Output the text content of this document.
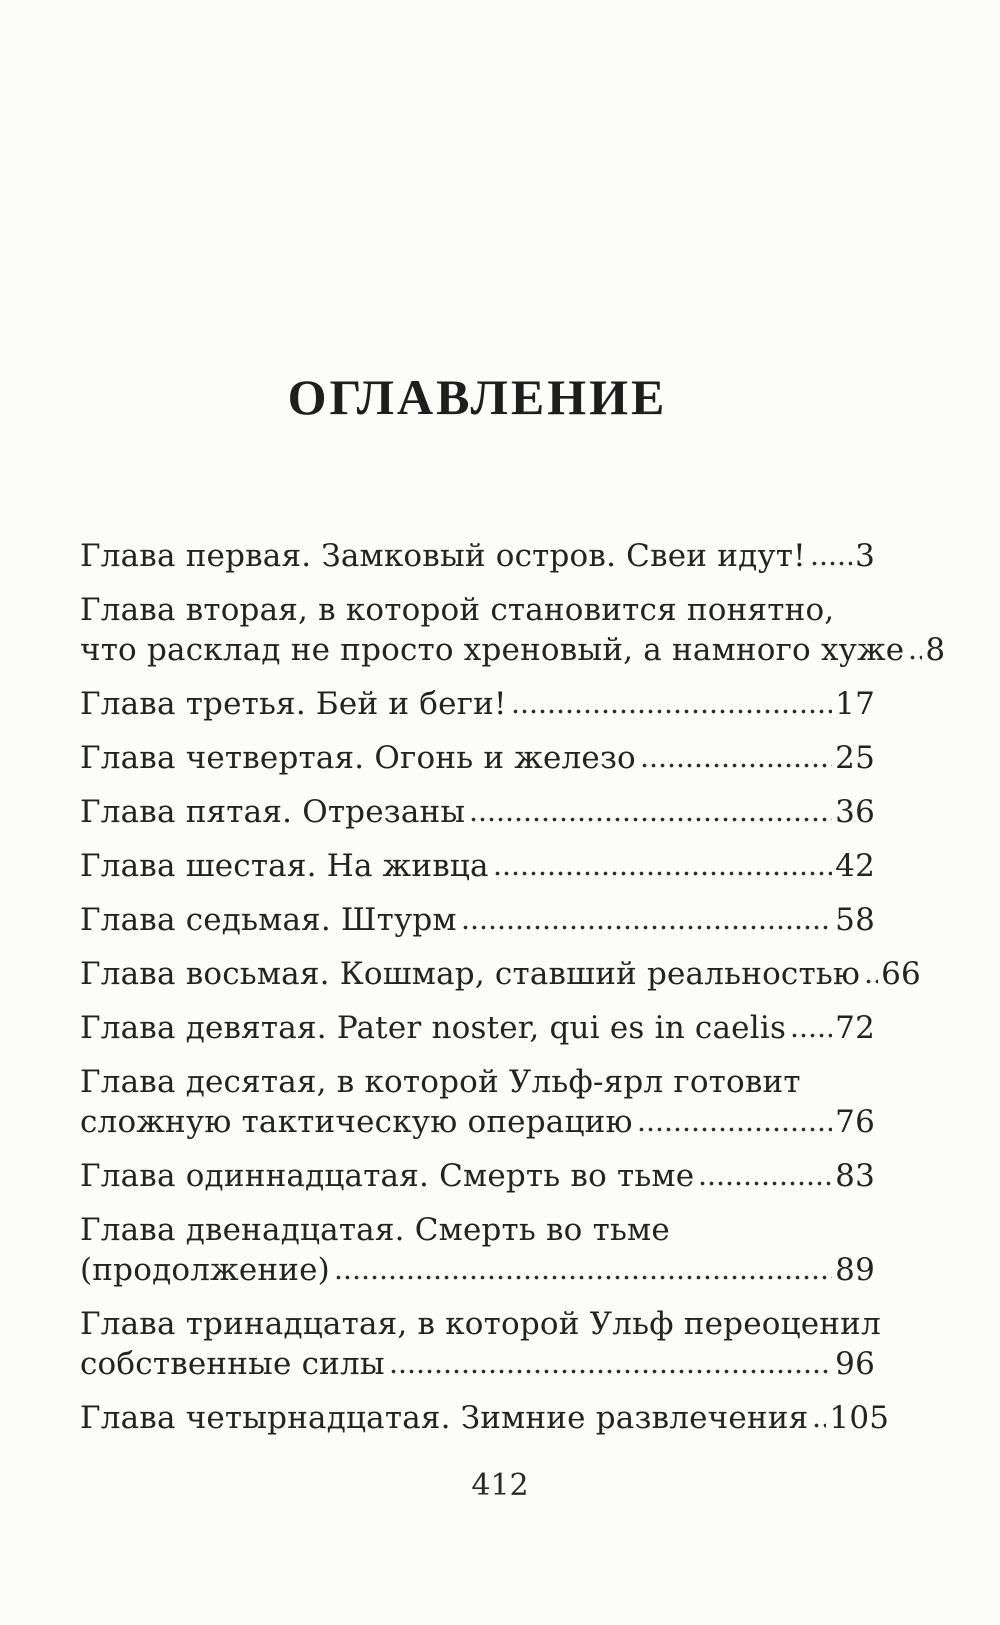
ОГЛАВЛЕНИЕ
Глава первая. Замковый остров. Свеи идут! 3
Глава вторая, в которой становится понятно,
что расклад не просто хреновый, а намного хуже 8
Глава третья. Бей и беги!	17
Глава четвертая. Огонь и железо	25
Глава пятая. Отрезаны	36
Глава шестая. На живца	42
Глава седьмая. Штурм	58
Глава восьмая. Кошмар, ставший реальностью 66
Глава девятая. Pater noster, qui es in caelis 72
Глава десятая, в которой Ульф-ярл готовит
сложную тактическую операцию	76
Глава одиннадцатая. Смерть во тьме	83
Глава двенадцатая. Смерть во тьме
(продолжение)	89
Глава тринадцатая, в которой Ульф переоценил
собственные силы	96
Глава четырнадцатая. Зимние развлечения 105
412
